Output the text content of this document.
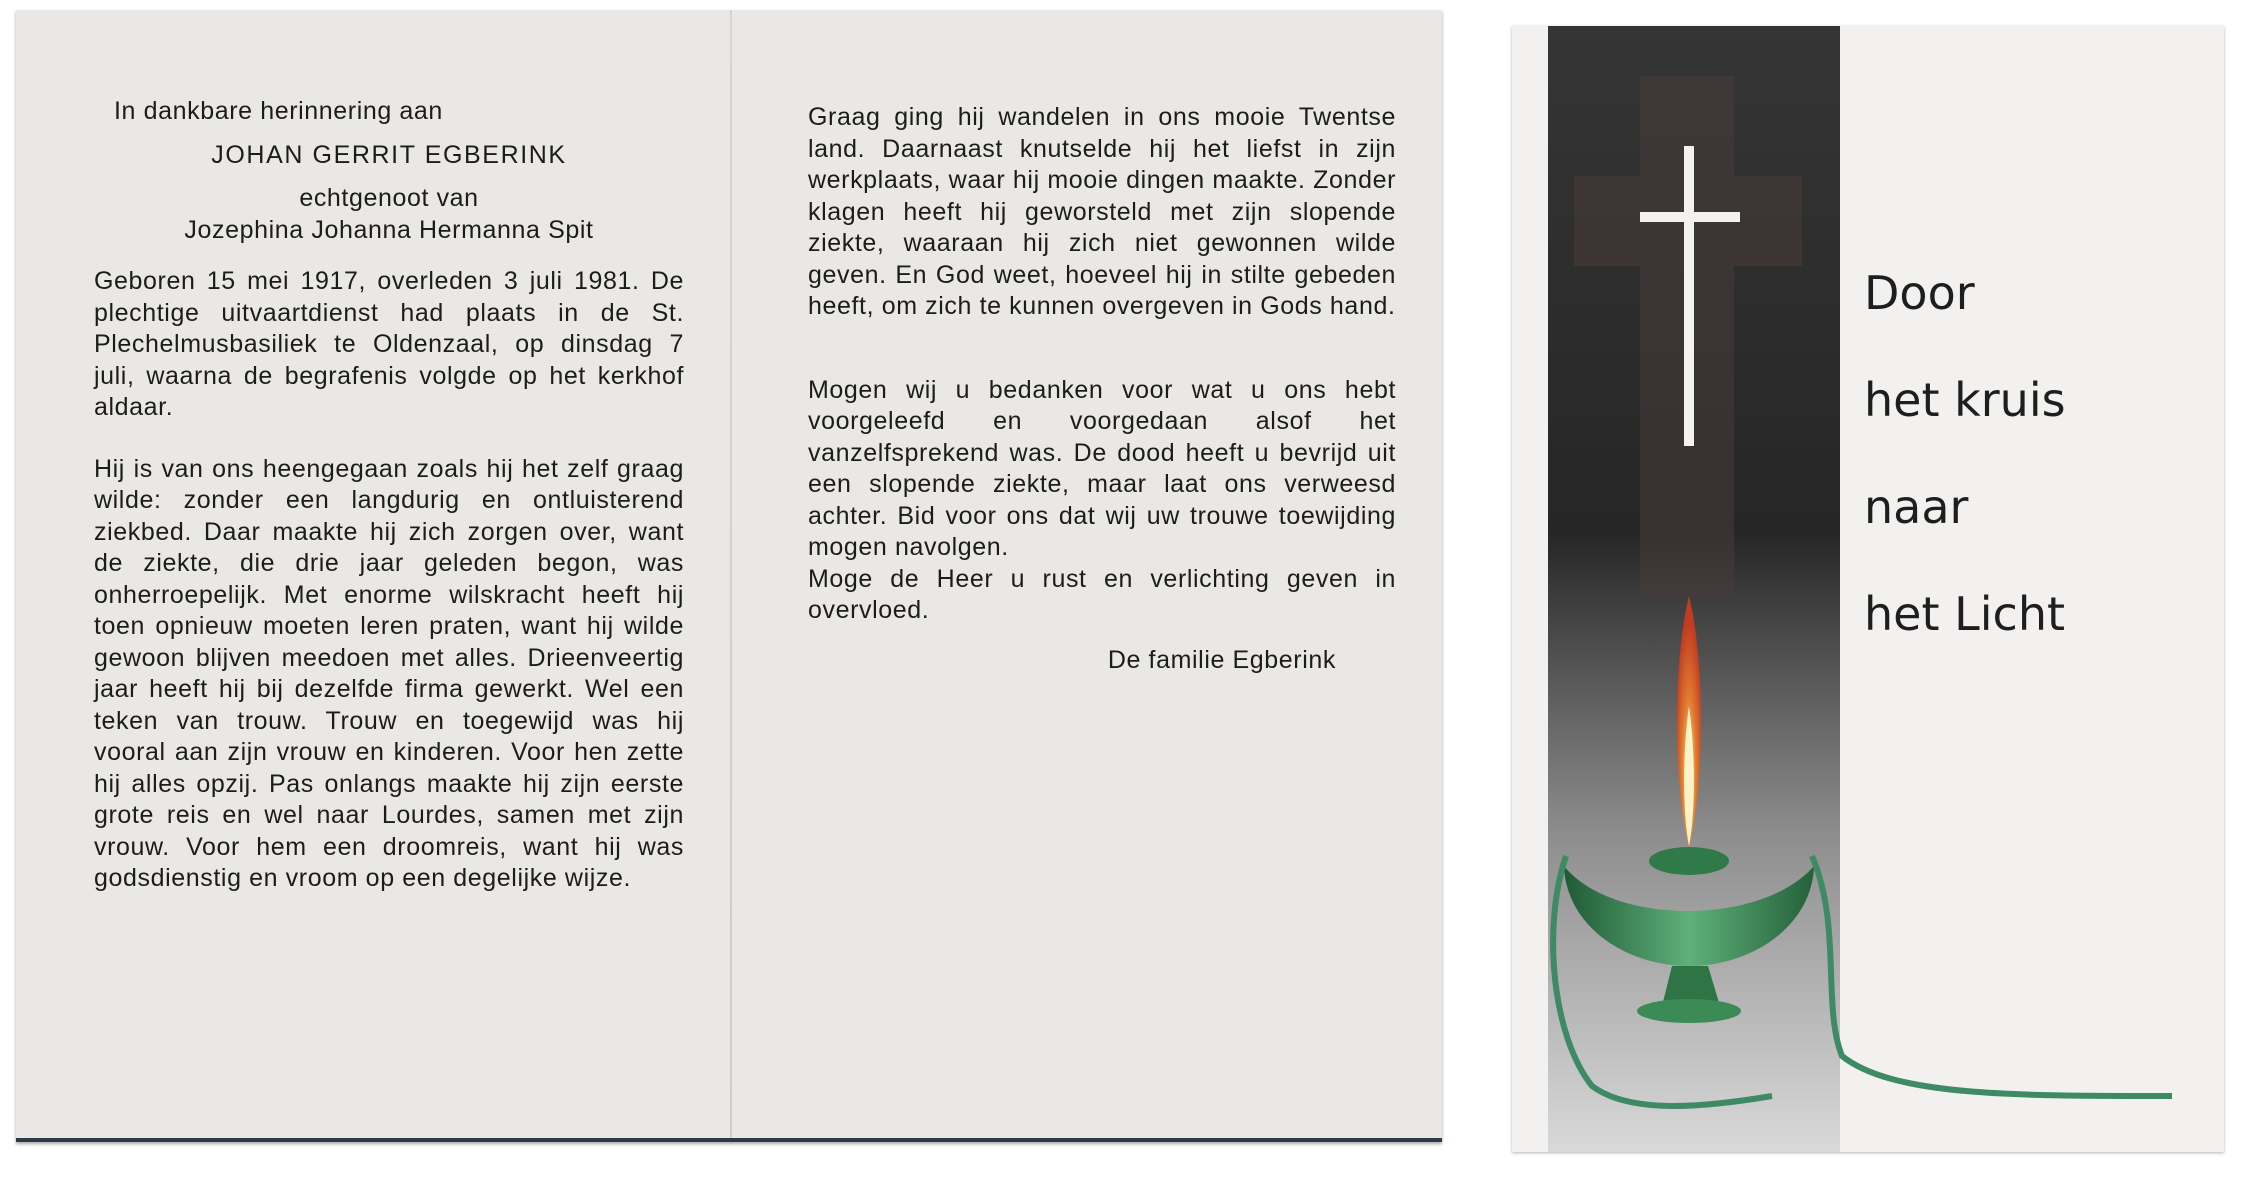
In dankbare herinnering aan

JOHAN GERRIT EGBERINK

echtgenoot van

Jozephina Johanna Hermanna Spit

Geboren 15 mei 1917, overleden 3 juli 1981. De plechtige uitvaartdienst had plaats in de St. Plechelmusbasiliek te Oldenzaal, op dinsdag 7 juli, waarna de begrafenis volgde op het kerkhof aldaar.

Hij is van ons heengegaan zoals hij het zelf graag wilde: zonder een langdurig en ontluisterend ziekbed. Daar maakte hij zich zorgen over, want de ziekte, die drie jaar geleden begon, was onherroepelijk. Met enorme wilskracht heeft hij toen opnieuw moeten leren praten, want hij wilde gewoon blijven meedoen met alles. Drieenveertig jaar heeft hij bij dezelfde firma gewerkt. Wel een teken van trouw. Trouw en toegewijd was hij vooral aan zijn vrouw en kinderen. Voor hen zette hij alles opzij. Pas onlangs maakte hij zijn eerste grote reis en wel naar Lourdes, samen met zijn vrouw. Voor hem een droomreis, want hij was godsdienstig en vroom op een degelijke wijze.

Graag ging hij wandelen in ons mooie Twentse land. Daarnaast knutselde hij het liefst in zijn werkplaats, waar hij mooie dingen maakte. Zonder klagen heeft hij geworsteld met zijn slopende ziekte, waaraan hij zich niet gewonnen wilde geven. En God weet, hoeveel hij in stilte gebeden heeft, om zich te kunnen overgeven in Gods hand.

Mogen wij u bedanken voor wat u ons hebt voorgeleefd en voorgedaan alsof het vanzelfsprekend was. De dood heeft u bevrijd uit een slopende ziekte, maar laat ons verweesd achter. Bid voor ons dat wij uw trouwe toewijding mogen navolgen.

Moge de Heer u rust en verlichting geven in overvloed.

De familie Egberink

Door
het kruis
naar
het Licht
